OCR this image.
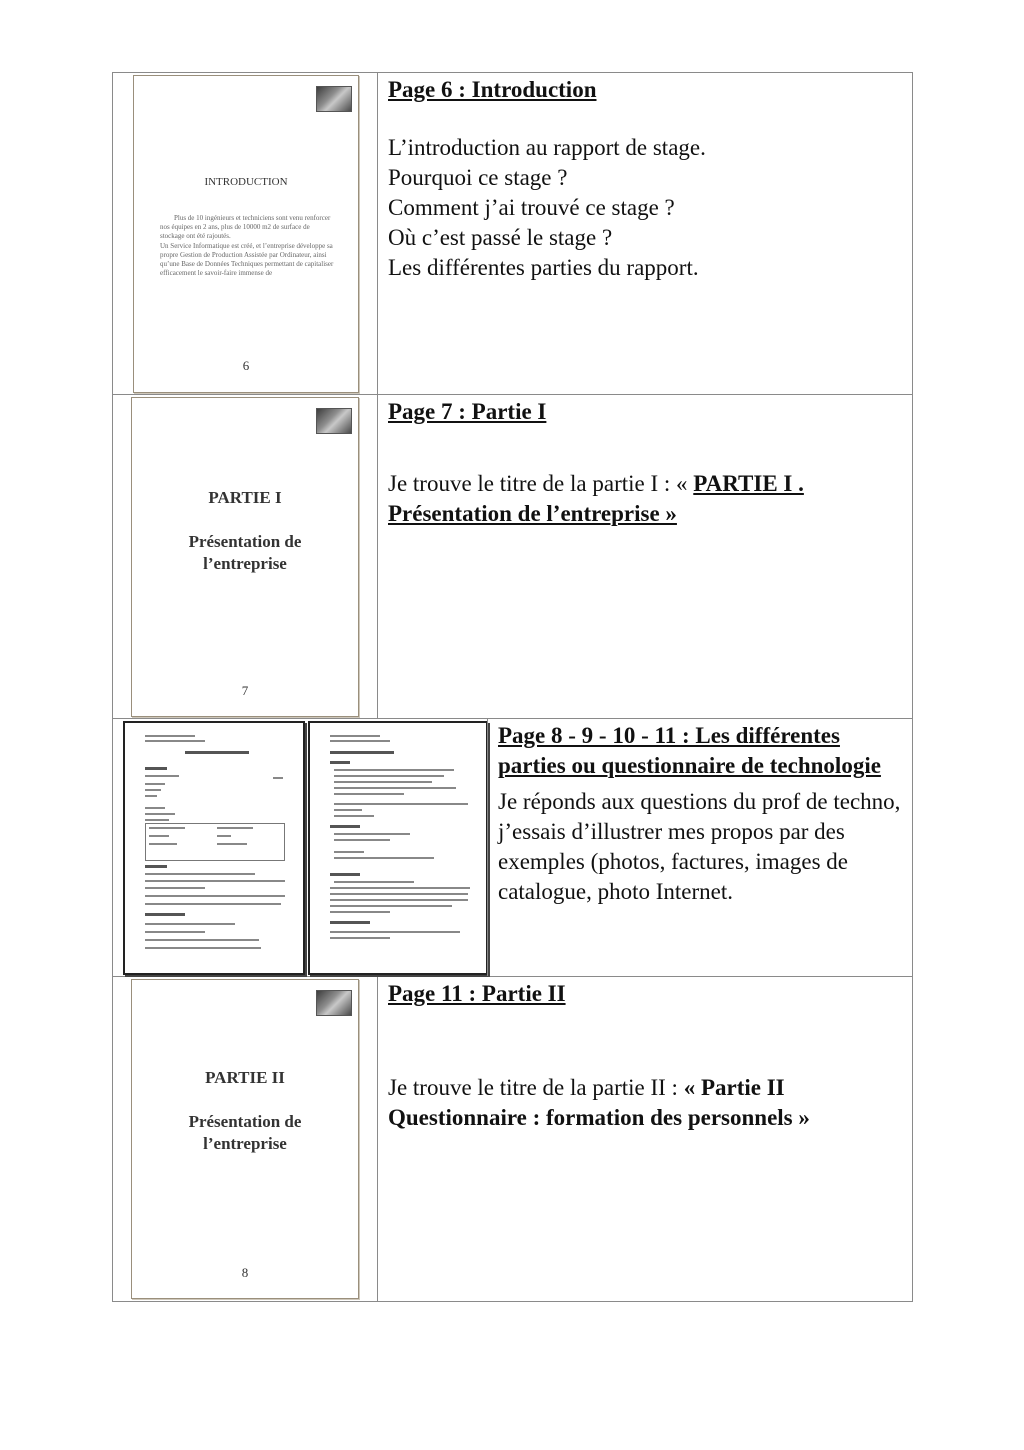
INTRODUCTION
Plus de 10 ingénieurs et techniciens sont venu renforcer nos équipes en 2 ans, plus de 10000 m2 de surface de stockage ont été rajoutés.
Un Service Informatique est créé, et l’entreprise développe sa propre Gestion de Production Assistée par Ordinateur, ainsi qu’une Base de Données Techniques permettant de capitaliser efficacement le savoir-faire immense de
6
Page 6 : Introduction
L’introduction au rapport de stage.
Pourquoi ce stage ?
Comment j’ai trouvé ce stage ?
Où c’est passé le stage ?
Les différentes parties du rapport.
PARTIE I
Présentation de
l’entreprise
7
Page 7 : Partie I
Je trouve le titre de la partie I : « PARTIE I .
Présentation de l’entreprise »
Page 8 - 9 - 10 - 11 : Les différentes parties ou questionnaire de technologie
Je réponds aux questions du prof de techno, j’essais d’illustrer mes propos par des exemples (photos, factures, images de catalogue, photo Internet.
PARTIE II
Présentation de
l’entreprise
8
Page 11 : Partie II
Je trouve le titre de la partie II : « Partie II
Questionnaire : formation des personnels »
